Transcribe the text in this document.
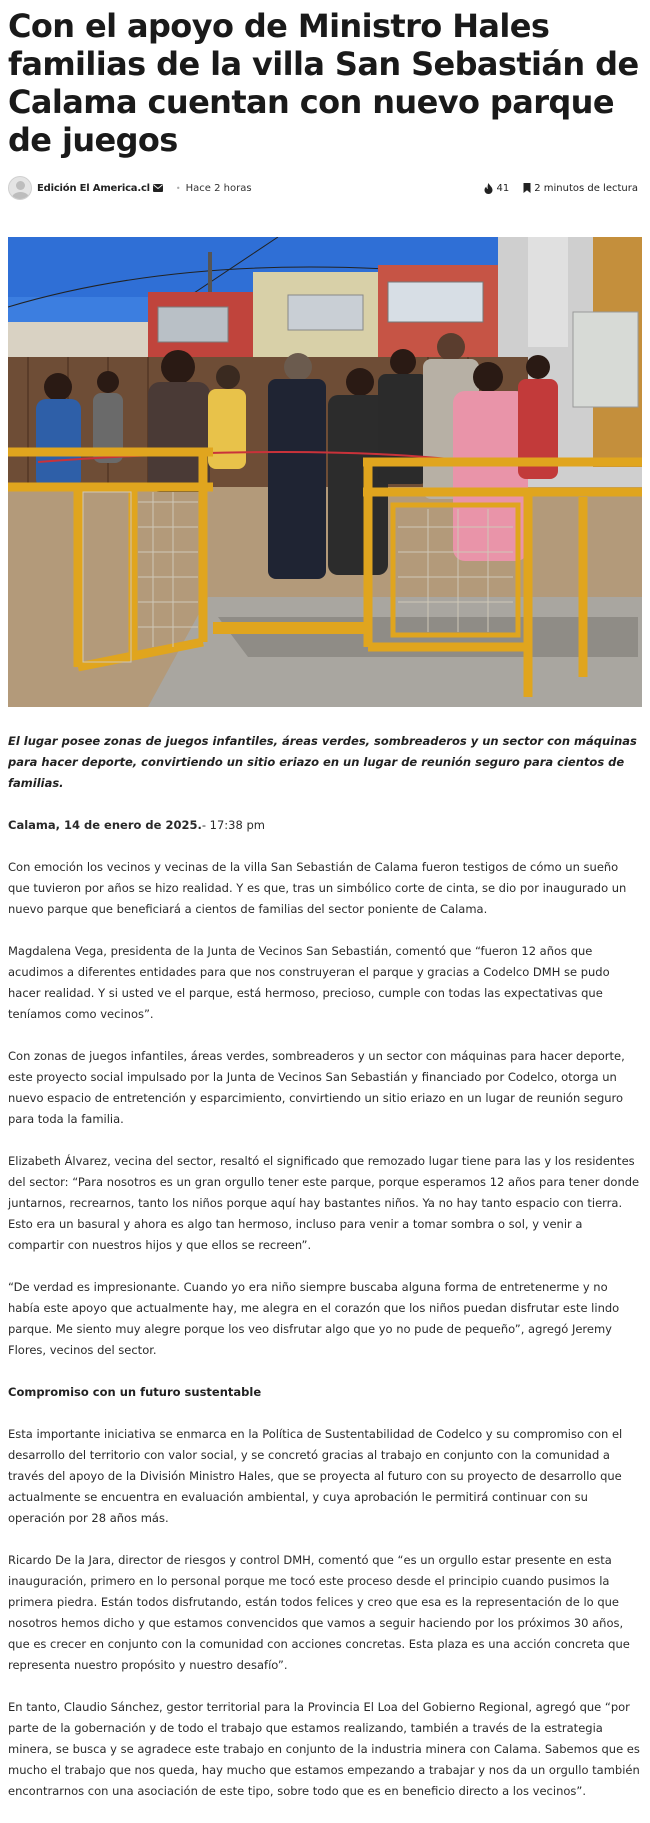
Con el apoyo de Ministro Hales familias de la villa San Sebastián de Calama cuentan con nuevo parque de juegos
Edición El America.cl	• Hace 2 horas	41	2 minutos de lectura

El lugar posee zonas de juegos infantiles, áreas verdes, sombreaderos y un sector con máquinas para hacer deporte, convirtiendo un sitio eriazo en un lugar de reunión seguro para cientos de familias.

Calama, 14 de enero de 2025.- 17:38 pm

Con emoción los vecinos y vecinas de la villa San Sebastián de Calama fueron testigos de cómo un sueño que tuvieron por años se hizo realidad. Y es que, tras un simbólico corte de cinta, se dio por inaugurado un nuevo parque que beneficiará a cientos de familias del sector poniente de Calama.

Magdalena Vega, presidenta de la Junta de Vecinos San Sebastián, comentó que “fueron 12 años que acudimos a diferentes entidades para que nos construyeran el parque y gracias a Codelco DMH se pudo hacer realidad. Y si usted ve el parque, está hermoso, precioso, cumple con todas las expectativas que teníamos como vecinos”.

Con zonas de juegos infantiles, áreas verdes, sombreaderos y un sector con máquinas para hacer deporte, este proyecto social impulsado por la Junta de Vecinos San Sebastián y financiado por Codelco, otorga un nuevo espacio de entretención y esparcimiento, convirtiendo un sitio eriazo en un lugar de reunión seguro para toda la familia.

Elizabeth Álvarez, vecina del sector, resaltó el significado que remozado lugar tiene para las y los residentes del sector: “Para nosotros es un gran orgullo tener este parque, porque esperamos 12 años para tener donde juntarnos, recrearnos, tanto los niños porque aquí hay bastantes niños. Ya no hay tanto espacio con tierra. Esto era un basural y ahora es algo tan hermoso, incluso para venir a tomar sombra o sol, y venir a compartir con nuestros hijos y que ellos se recreen”.

“De verdad es impresionante. Cuando yo era niño siempre buscaba alguna forma de entretenerme y no había este apoyo que actualmente hay, me alegra en el corazón que los niños puedan disfrutar este lindo parque. Me siento muy alegre porque los veo disfrutar algo que yo no pude de pequeño”, agregó Jeremy Flores, vecinos del sector.

Compromiso con un futuro sustentable

Esta importante iniciativa se enmarca en la Política de Sustentabilidad de Codelco y su compromiso con el desarrollo del territorio con valor social, y se concretó gracias al trabajo en conjunto con la comunidad a través del apoyo de la División Ministro Hales, que se proyecta al futuro con su proyecto de desarrollo que actualmente se encuentra en evaluación ambiental, y cuya aprobación le permitirá continuar con su operación por 28 años más.

Ricardo De la Jara, director de riesgos y control DMH, comentó que “es un orgullo estar presente en esta inauguración, primero en lo personal porque me tocó este proceso desde el principio cuando pusimos la primera piedra. Están todos disfrutando, están todos felices y creo que esa es la representación de lo que nosotros hemos dicho y que estamos convencidos que vamos a seguir haciendo por los próximos 30 años, que es crecer en conjunto con la comunidad con acciones concretas. Esta plaza es una acción concreta que representa nuestro propósito y nuestro desafío”.

En tanto, Claudio Sánchez, gestor territorial para la Provincia El Loa del Gobierno Regional, agregó que “por parte de la gobernación y de todo el trabajo que estamos realizando, también a través de la estrategia minera, se busca y se agradece este trabajo en conjunto de la industria minera con Calama. Sabemos que es mucho el trabajo que nos queda, hay mucho que estamos empezando a trabajar y nos da un orgullo también encontrarnos con una asociación de este tipo, sobre todo que es en beneficio directo a los vecinos”.
